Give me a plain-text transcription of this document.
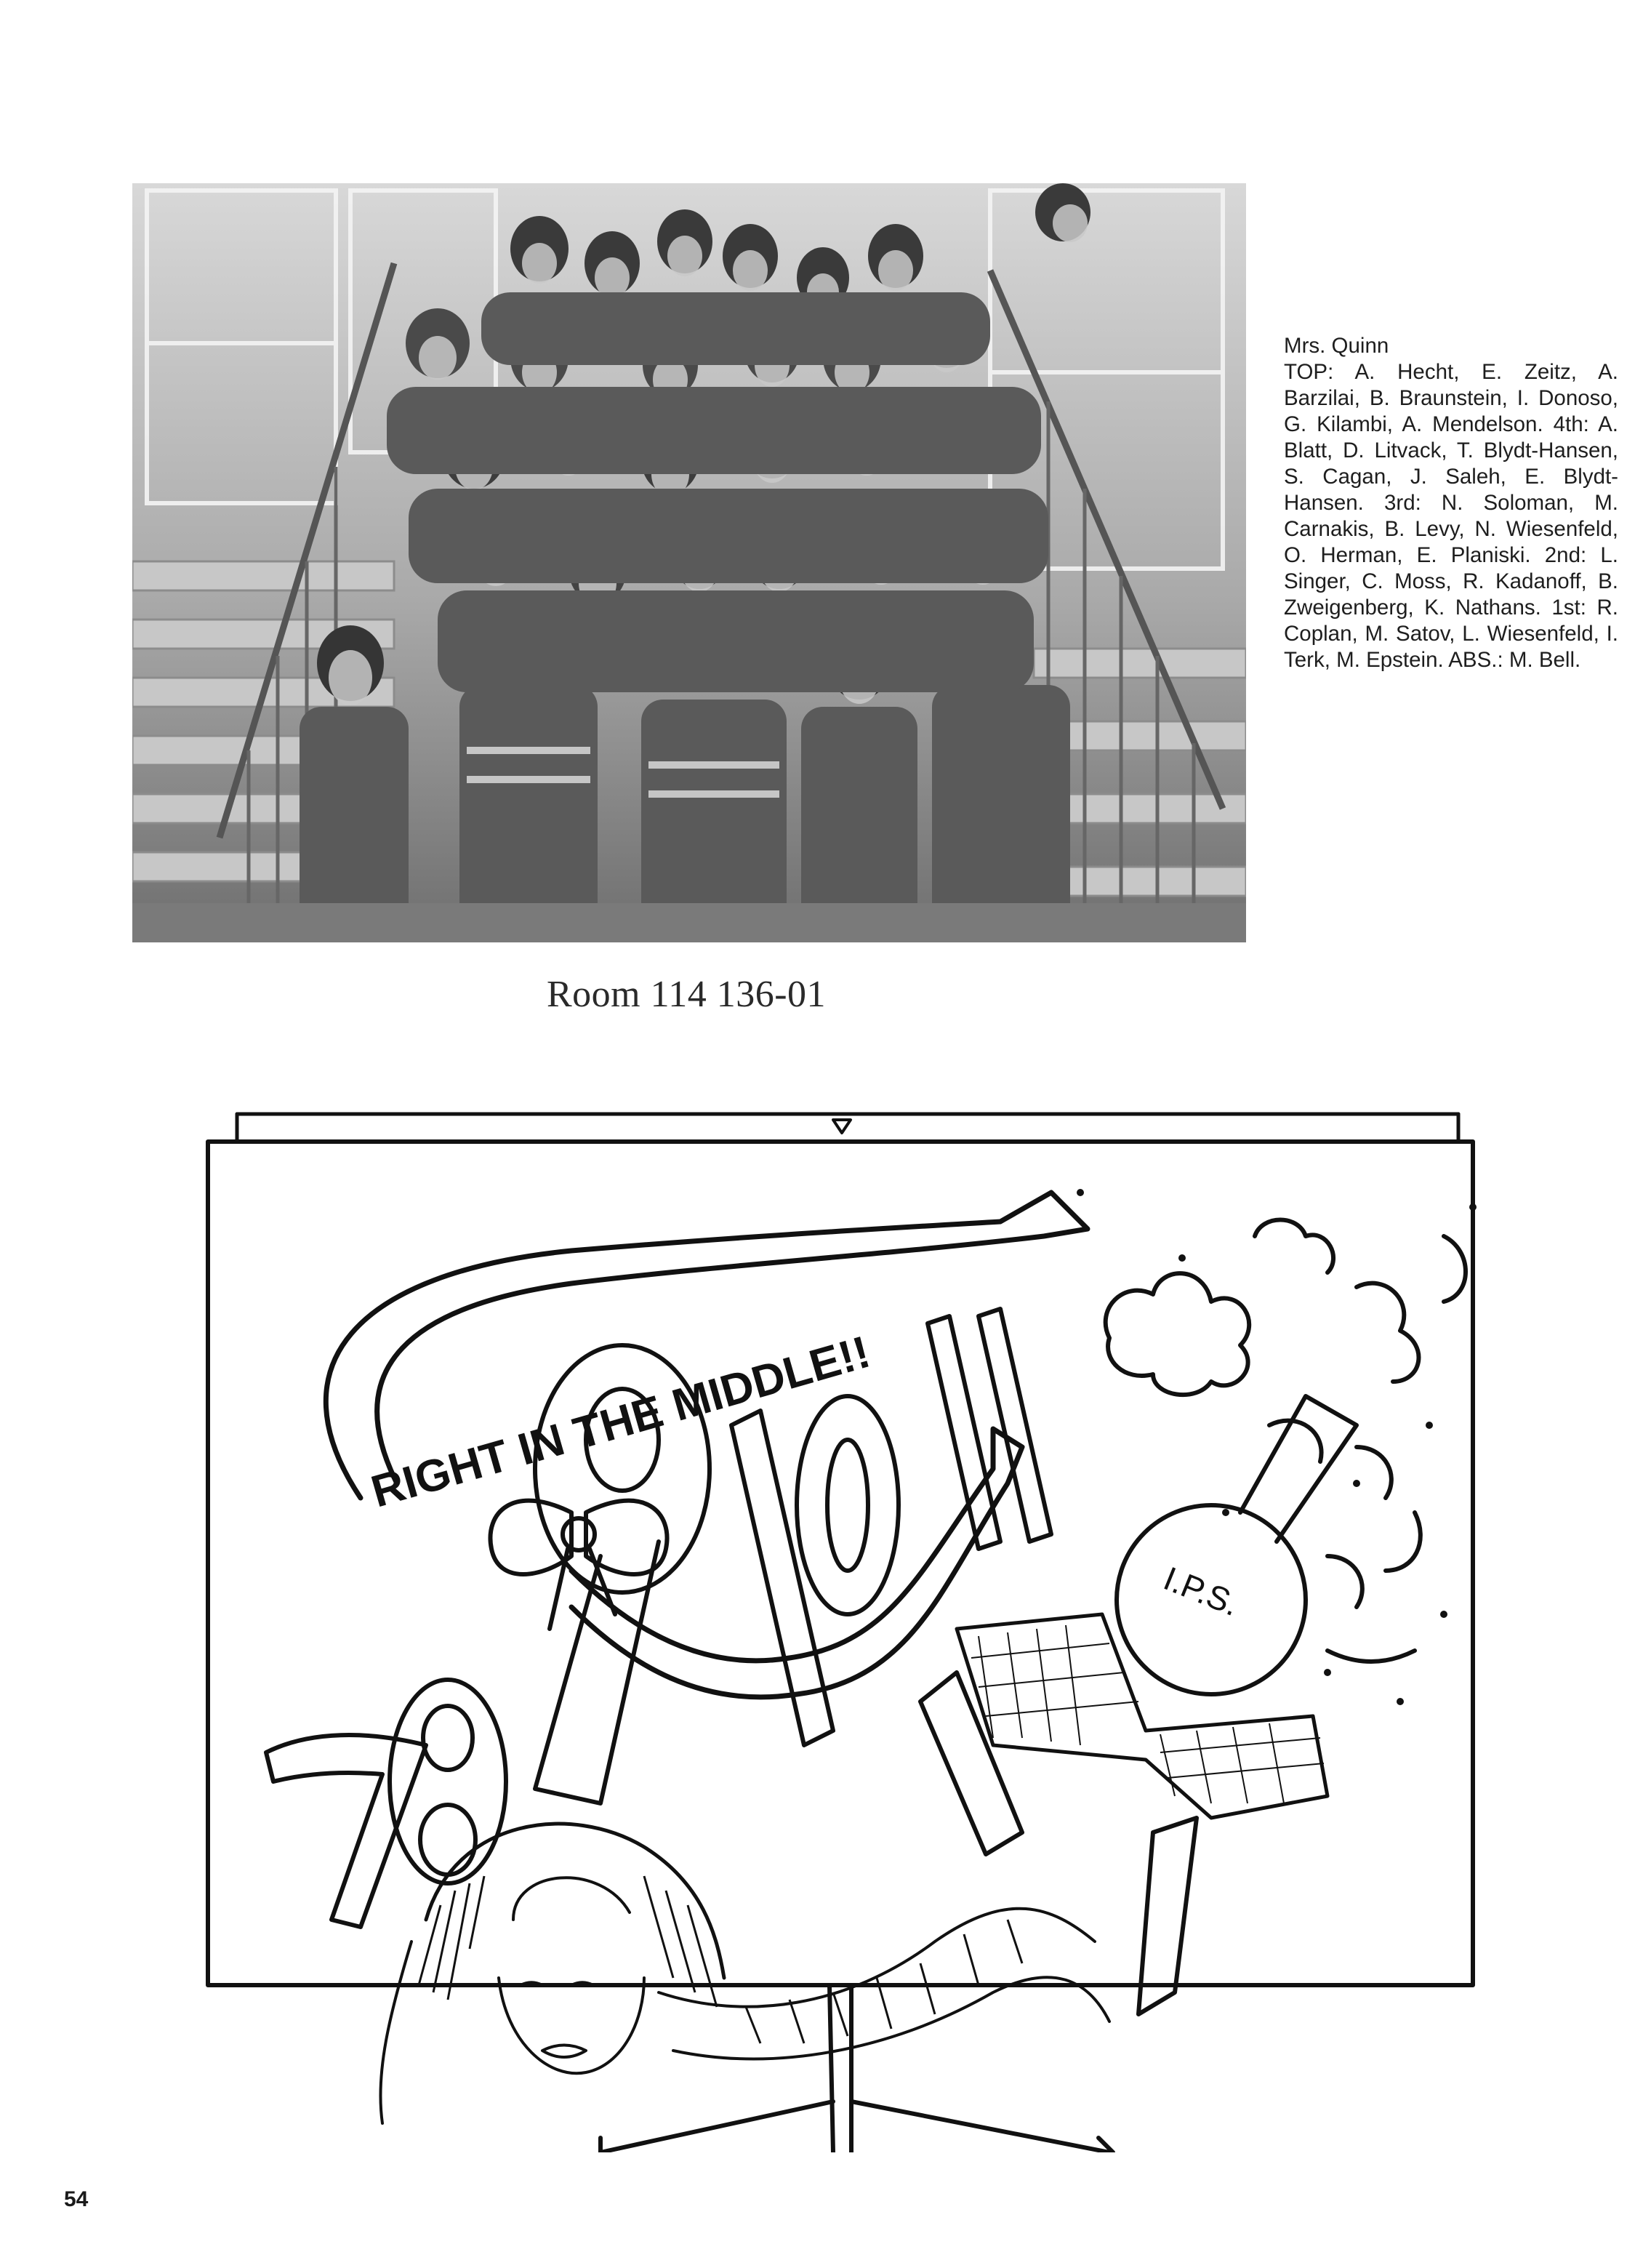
Mrs. Quinn
TOP: A. Hecht, E. Zeitz, A. Barzilai, B. Braunstein, I. Donoso, G. Kilambi, A. Mendelson. 4th: A. Blatt, D. Litvack, T. Blydt-Hansen, S. Cagan, J. Saleh, E. Blydt-Hansen. 3rd: N. Soloman, M. Carnakis, B. Levy, N. Wiesenfeld, O. Herman, E. Planiski. 2nd: L. Singer, C. Moss, R. Kadanoff, B. Zweigenberg, K. Nathans. 1st: R. Coplan, M. Satov, L. Wiesenfeld, I. Terk, M. Epstein. ABS.: M. Bell.
Room 114 136-01
RIGHT IN THE MIDDLE!!
I.P.S.
54
